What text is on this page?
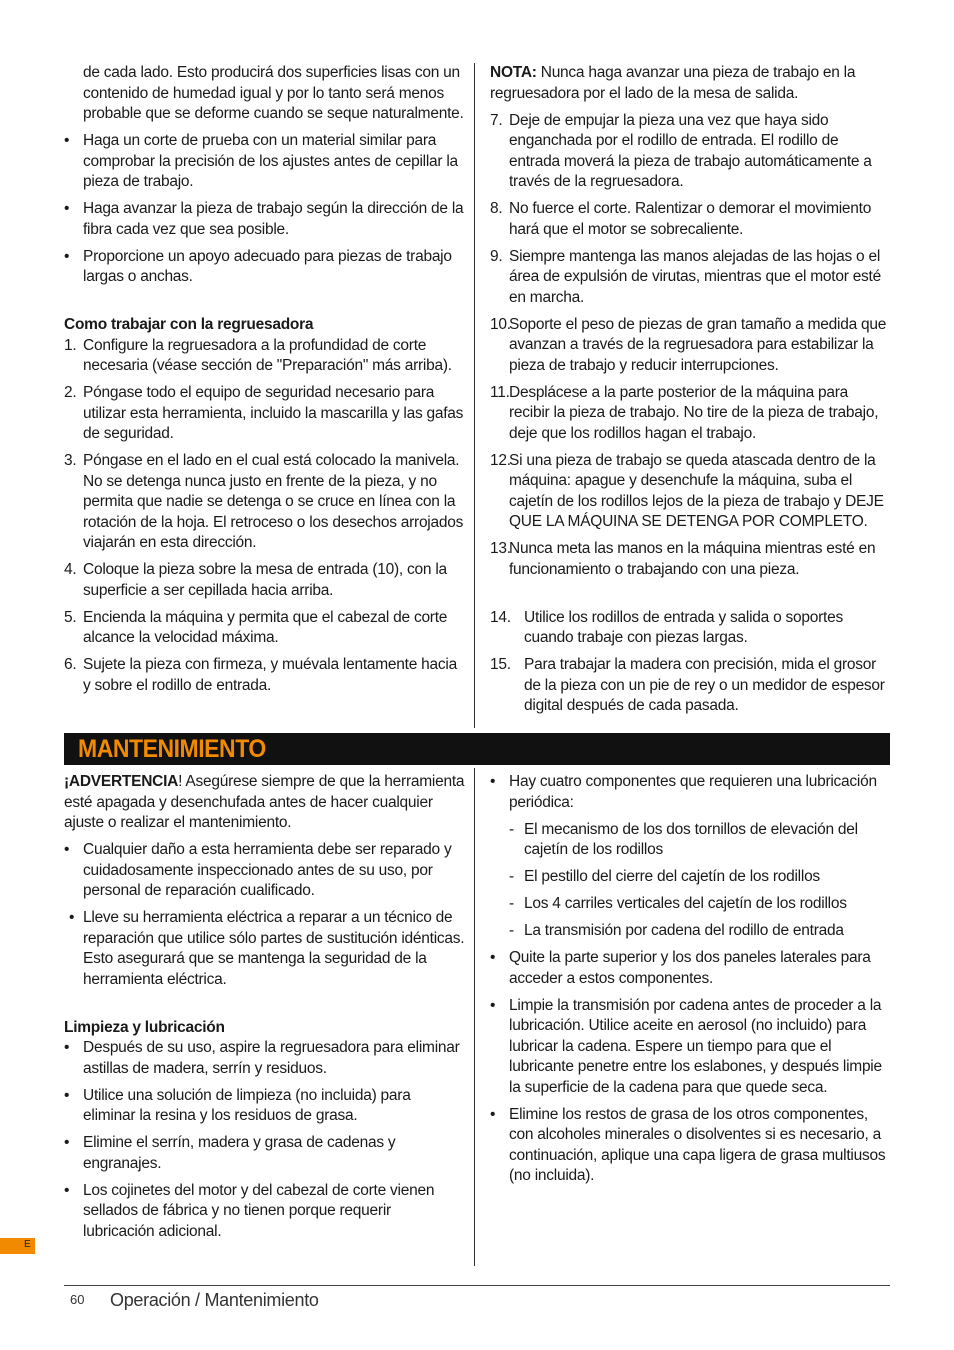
de cada lado. Esto producirá dos superficies lisas con un contenido de humedad igual y por lo tanto será menos probable que se deforme cuando se seque naturalmente.

• Haga un corte de prueba con un material similar para comprobar la precisión de los ajustes antes de cepillar la pieza de trabajo.
• Haga avanzar la pieza de trabajo según la dirección de la fibra cada vez que sea posible.
• Proporcione un apoyo adecuado para piezas de trabajo largas o anchas.

Como trabajar con la regruesadora

1. Configure la regruesadora a la profundidad de corte necesaria (véase sección de "Preparación" más arriba).
2. Póngase todo el equipo de seguridad necesario para utilizar esta herramienta, incluido la mascarilla y las gafas de seguridad.
3. Póngase en el lado en el cual está colocado la manivela. No se detenga nunca justo en frente de la pieza, y no permita que nadie se detenga o se cruce en línea con la rotación de la hoja. El retroceso o los desechos arrojados viajarán en esta dirección.
4. Coloque la pieza sobre la mesa de entrada (10), con la superficie a ser cepillada hacia arriba.
5. Encienda la máquina y permita que el cabezal de corte alcance la velocidad máxima.
6. Sujete la pieza con firmeza, y muévala lentamente hacia y sobre el rodillo de entrada.

NOTA: Nunca haga avanzar una pieza de trabajo en la regruesadora por el lado de la mesa de salida.

7. Deje de empujar la pieza una vez que haya sido enganchada por el rodillo de entrada. El rodillo de entrada moverá la pieza de trabajo automáticamente a través de la regruesadora.
8. No fuerce el corte. Ralentizar o demorar el movimiento hará que el motor se sobrecaliente.
9. Siempre mantenga las manos alejadas de las hojas o el área de expulsión de virutas, mientras que el motor esté en marcha.
10.
Soporte el peso de piezas de gran tamaño a medida que avanzan a través de la regruesadora para estabilizar la pieza de trabajo y reducir interrupciones.
11. Desplácese a la parte posterior de la máquina para recibir la pieza de trabajo. No tire de la pieza de trabajo, deje que los rodillos hagan el trabajo.
12.
Si una pieza de trabajo se queda atascada dentro de la máquina: apague y desenchufe la máquina, suba el cajetín de los rodillos lejos de la pieza de trabajo y DEJE QUE LA MÁQUINA SE DETENGA POR COMPLETO.
13.
Nunca meta las manos en la máquina mientras esté en funcionamiento o trabajando con una pieza.
14. Utilice los rodillos de entrada y salida o soportes cuando trabaje con piezas largas.
15. Para trabajar la madera con precisión, mida el grosor de la pieza con un pie de rey o un medidor de espesor digital después de cada pasada.
MANTENIMIENTO

¡ADVERTENCIA! Asegúrese siempre de que la herramienta esté apagada y desenchufada antes de hacer cualquier ajuste o realizar el mantenimiento.

• Cualquier daño a esta herramienta debe ser reparado y cuidadosamente inspeccionado antes de su uso, por personal de reparación cualificado.
• Lleve su herramienta eléctrica a reparar a un técnico de reparación que utilice sólo partes de sustitución idénticas. Esto asegurará que se mantenga la seguridad de la herramienta eléctrica.

Limpieza y lubricación

• Después de su uso, aspire la regruesadora para eliminar astillas de madera, serrín y residuos.
• Utilice una solución de limpieza (no incluida) para eliminar la resina y los residuos de grasa.
• Elimine el serrín, madera y grasa de cadenas y engranajes.
• Los cojinetes del motor y del cabezal de corte vienen sellados de fábrica y no tienen porque requerir lubricación adicional.
• Hay cuatro componentes que requieren una lubricación periódica:
- El mecanismo de los dos tornillos de elevación del cajetín de los rodillos
- El pestillo del cierre del cajetín de los rodillos
- Los 4 carriles verticales del cajetín de los rodillos
- La transmisión por cadena del rodillo de entrada
• Quite la parte superior y los dos paneles laterales para acceder a estos componentes.
• Limpie la transmisión por cadena antes de proceder a la lubricación. Utilice aceite en aerosol (no incluido) para lubricar la cadena. Espere un tiempo para que el lubricante penetre entre los eslabones, y después limpie la superficie de la cadena para que quede seca.
• Elimine los restos de grasa de los otros componentes, con alcoholes minerales o disolventes si es necesario, a continuación, aplique una capa ligera de grasa multiusos (no incluida).
E
60 Operación / Mantenimiento
